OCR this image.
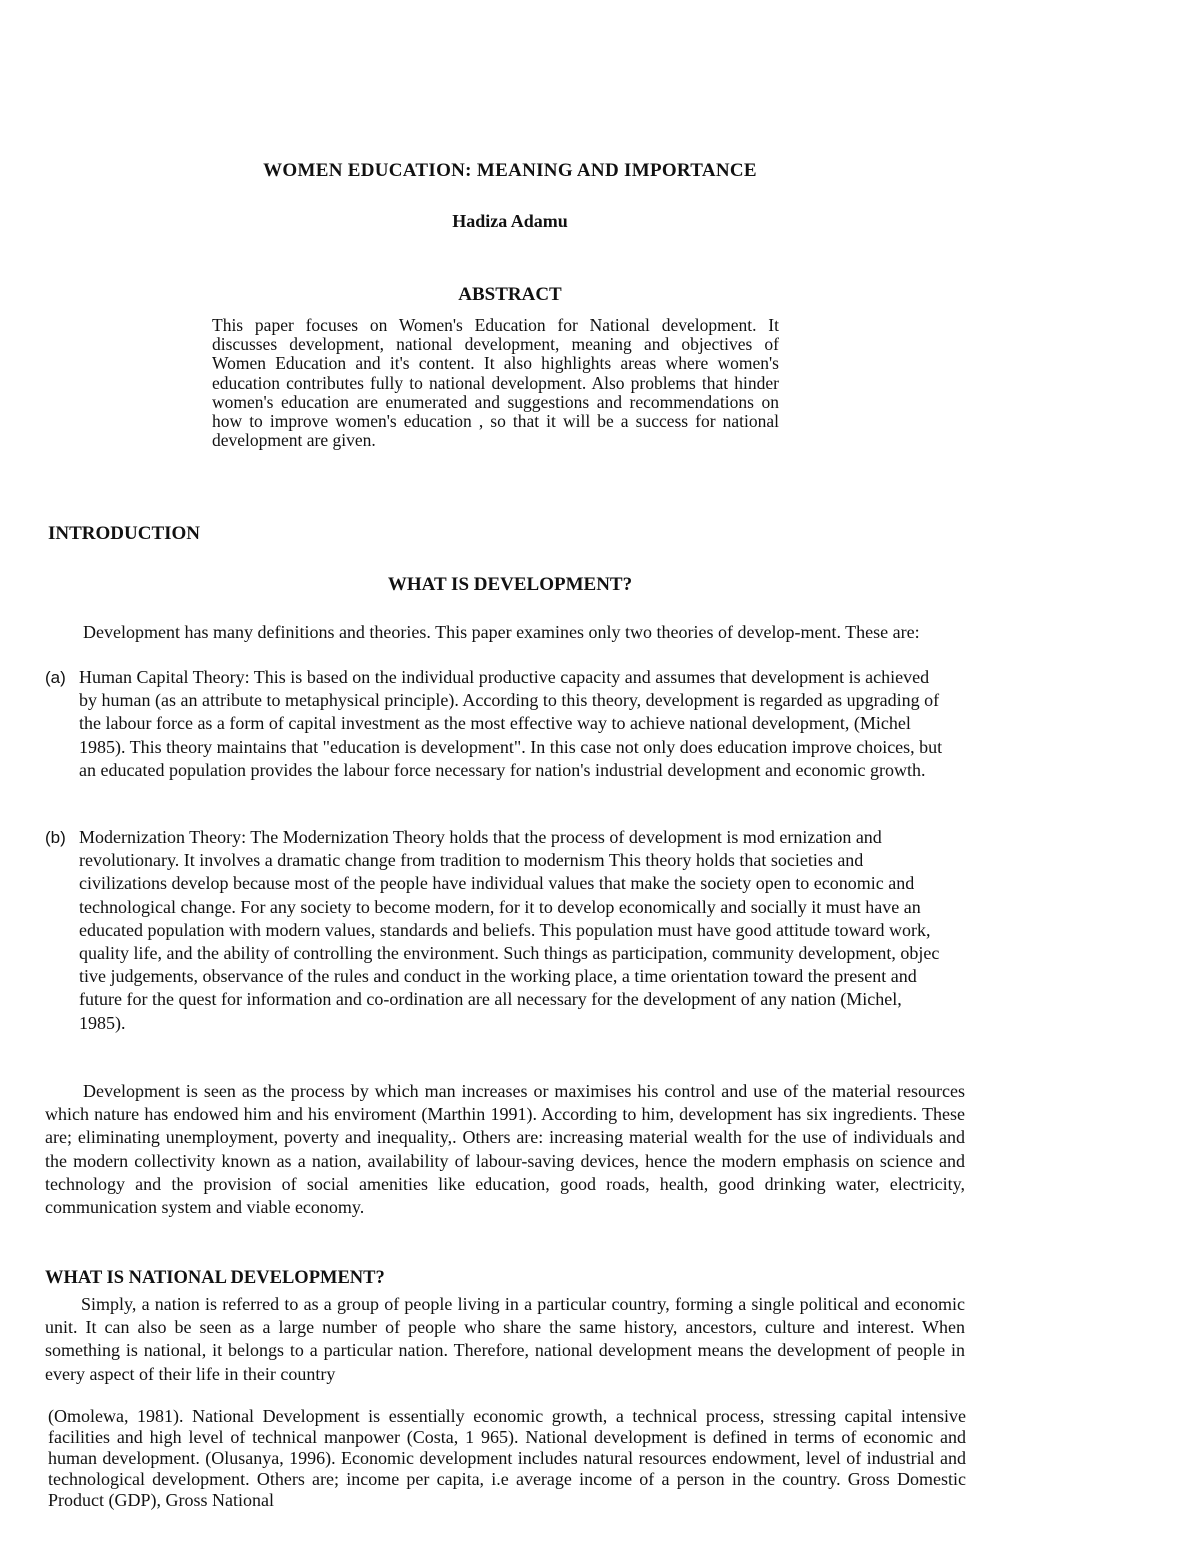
WOMEN EDUCATION: MEANING AND IMPORTANCE
Hadiza Adamu
ABSTRACT
This paper focuses on Women's Education for National development. It discusses development, national development, meaning and objectives of Women Education and it's content. It also highlights areas where women's education contributes fully to national development. Also problems that hinder women's education are enumerated and suggestions and recommendations on how to improve women's education , so that it will be a success for national development are given.
INTRODUCTION
WHAT IS DEVELOPMENT?
Development has many definitions and theories. This paper examines only two theories of develop-ment. These are:
(a) Human Capital Theory: This is based on the individual productive capacity and assumes that development is achieved by human (as an attribute to metaphysical principle). According to this theory, development is regarded as upgrading of the labour force as a form of capital investment as the most effective way to achieve national development, (Michel 1985). This theory maintains that "education is development". In this case not only does education improve choices, but an educated population provides the labour force necessary for nation's industrial development and economic growth.
(b) Modernization Theory: The Modernization Theory holds that the process of development is mod ernization and revolutionary. It involves a dramatic change from tradition to modernism This theory holds that societies and civilizations develop because most of the people have individual values that make the society open to economic and technological change. For any society to become modern, for it to develop economically and socially it must have an educated population with modern values, standards and beliefs. This population must have good attitude toward work, quality life, and the ability of controlling the environment. Such things as participation, community development, objec tive judgements, observance of the rules and conduct in the working place, a time orientation toward the present and future for the quest for information and co-ordination are all necessary for the development of any nation (Michel, 1985).
Development is seen as the process by which man increases or maximises his control and use of the material resources which nature has endowed him and his enviroment (Marthin 1991). According to him, development has six ingredients. These are; eliminating unemployment, poverty and inequality,. Others are: increasing material wealth for the use of individuals and the modern collectivity known as a nation, availability of labour-saving devices, hence the modern emphasis on science and technology and the provision of social amenities like education, good roads, health, good drinking water, electricity, communication system and viable economy.
WHAT IS NATIONAL DEVELOPMENT?
Simply, a nation is referred to as a group of people living in a particular country, forming a single political and economic unit. It can also be seen as a large number of people who share the same history, ancestors, culture and interest. When something is national, it belongs to a particular nation. Therefore, national development means the development of people in every aspect of their life in their country
(Omolewa, 1981). National Development is essentially economic growth, a technical process, stressing capital intensive facilities and high level of technical manpower (Costa, 1 965). National development is defined in terms of economic and human development. (Olusanya, 1996). Economic development includes natural resources endowment, level of industrial and technological development. Others are; income per capita, i.e average income of a person in the country. Gross Domestic Product (GDP), Gross National
